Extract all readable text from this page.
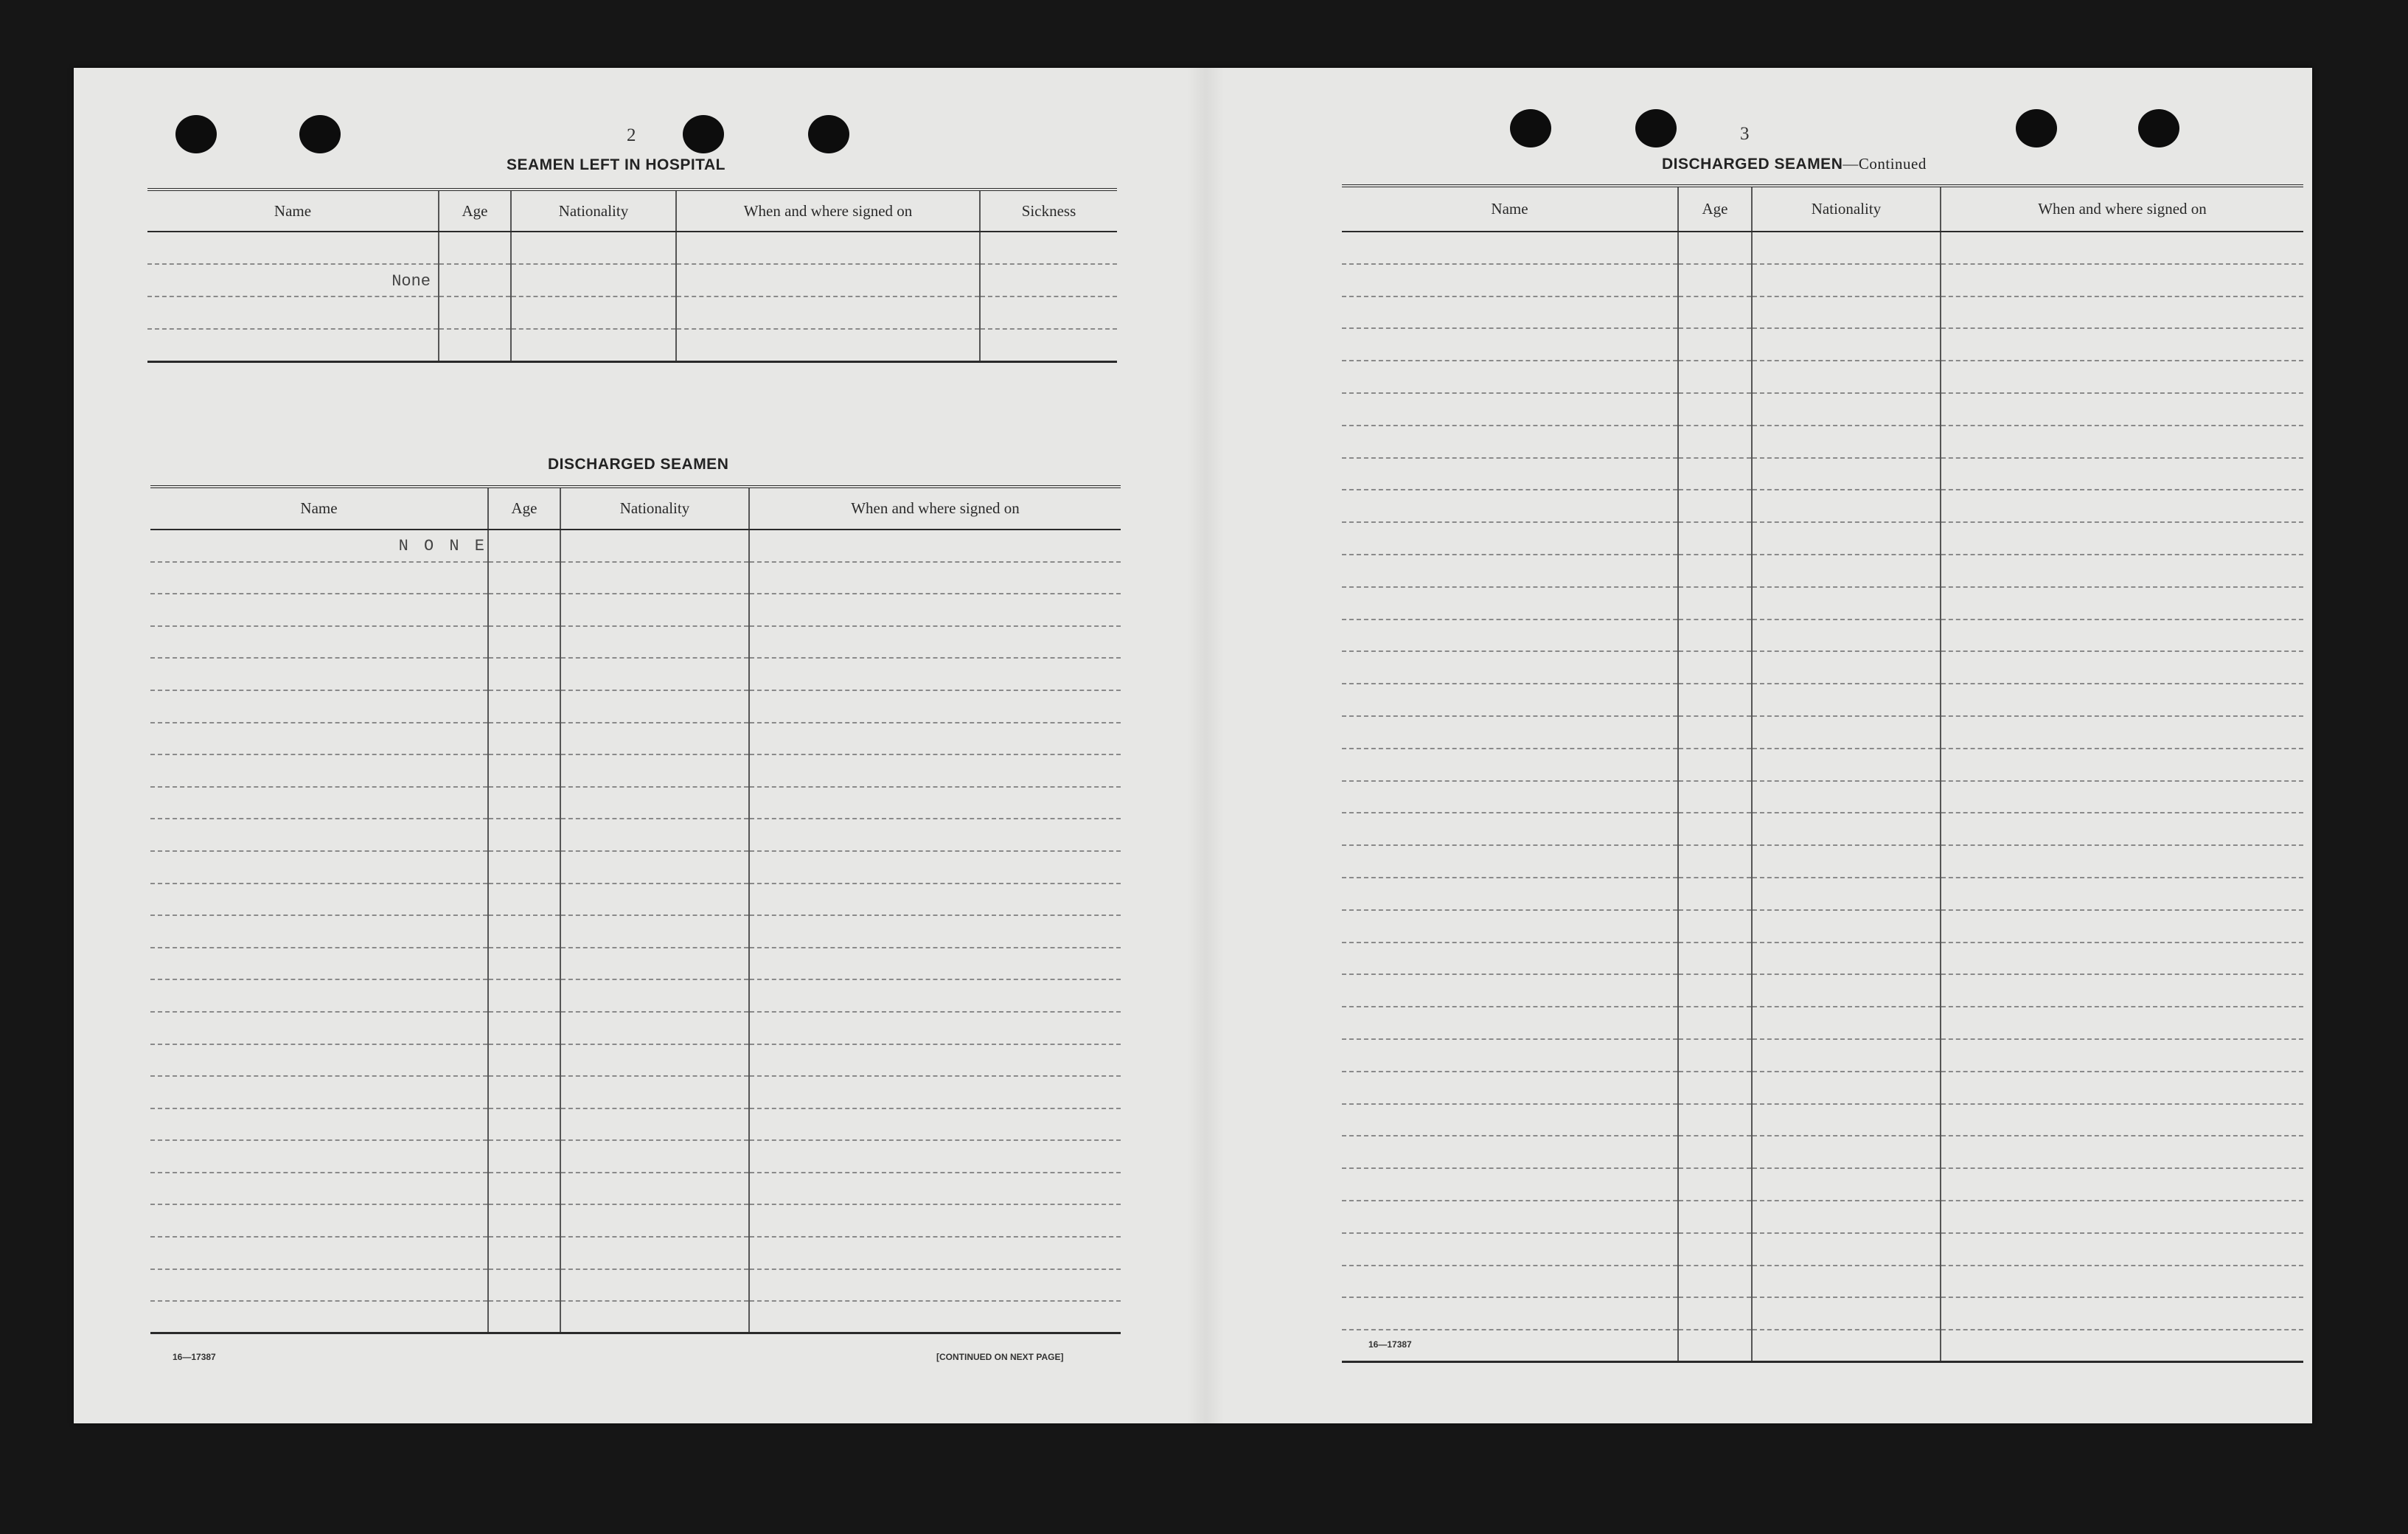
2
SEAMEN LEFT IN HOSPITAL
Name	Age	Nationality	When and where signed on	Sickness

None				

DISCHARGED SEAMEN
Name	Age	Nationality	When and where signed on
N O N E			

16—17387	[CONTINUED ON NEXT PAGE]
3
DISCHARGED SEAMEN—Continued
Name	Age	Nationality	When and where signed on

16—17387
